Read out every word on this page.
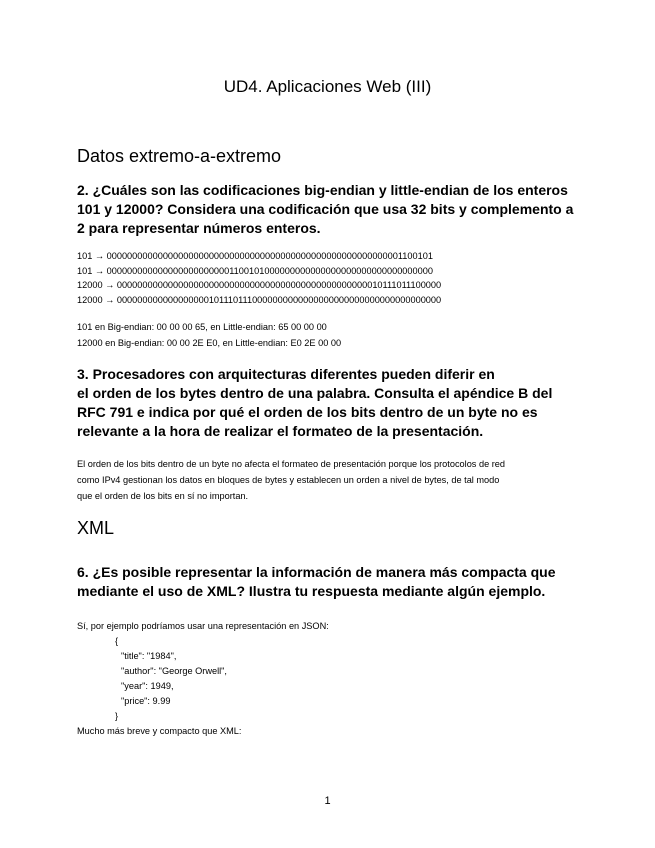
UD4. Aplicaciones Web (III)
Datos extremo-a-extremo
2. ¿Cuáles son las codificaciones big-endian y little-endian de los enteros
101 y 12000? Considera una codificación que usa 32 bits y complemento a
2 para representar números enteros.
101 → 0000000000000000000000000000000000000000000000000000000001100101
101 → 0000000000000000000000001100101000000000000000000000000000000000
12000 → 0000000000000000000000000000000000000000000000000010111011100000
12000 → 0000000000000000001011101110000000000000000000000000000000000000
101 en Big-endian: 00 00 00 65, en Little-endian: 65 00 00 00
12000 en Big-endian: 00 00 2E E0, en Little-endian: E0 2E 00 00
3. Procesadores con arquitecturas diferentes pueden diferir en
el orden de los bytes dentro de una palabra. Consulta el apéndice B del
RFC 791 e indica por qué el orden de los bits dentro de un byte no es
relevante a la hora de realizar el formateo de la presentación.
El orden de los bits dentro de un byte no afecta el formateo de presentación porque los protocolos de red
como IPv4 gestionan los datos en bloques de bytes y establecen un orden a nivel de bytes, de tal modo
que el orden de los bits en sí no importan.
XML
6. ¿Es posible representar la información de manera más compacta que
mediante el uso de XML? Ilustra tu respuesta mediante algún ejemplo.
Sí, por ejemplo podríamos usar una representación en JSON:
{
"title": "1984",
"author": "George Orwell",
"year": 1949,
"price": 9.99
}
Mucho más breve y compacto que XML:
1
